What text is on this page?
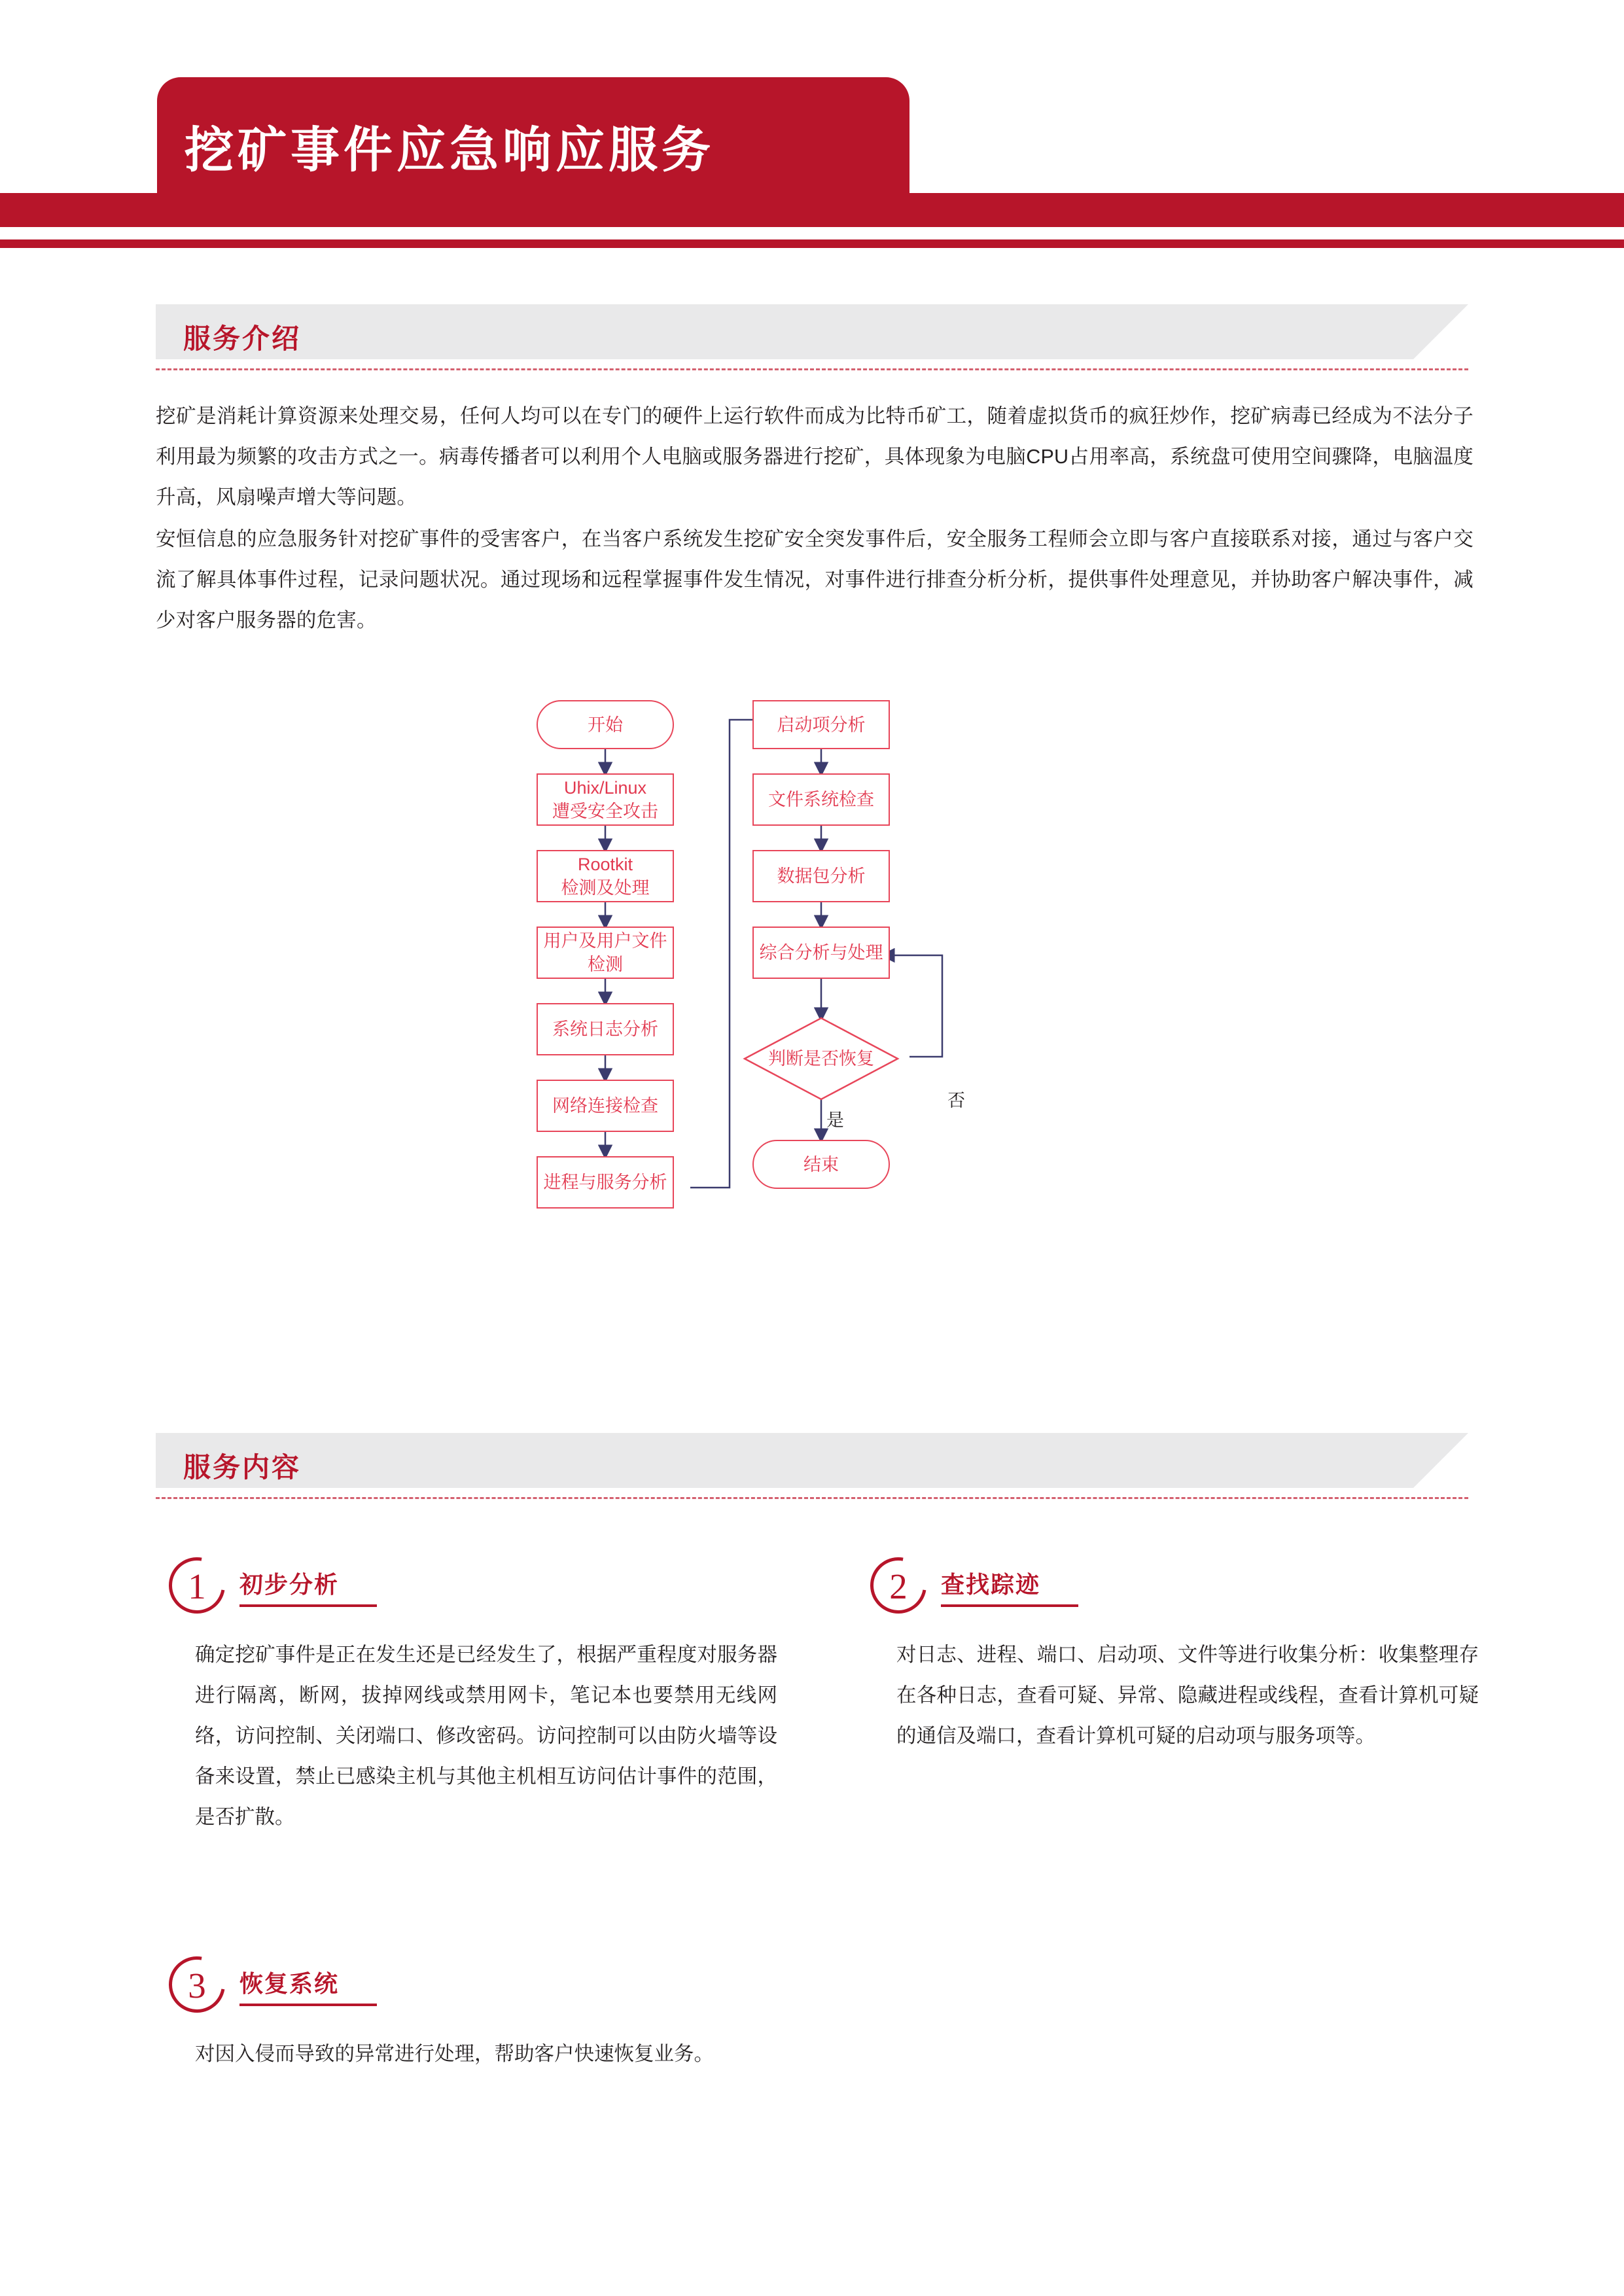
挖矿事件应急响应服务
服务介绍
挖矿是消耗计算资源来处理交易，任何人均可以在专门的硬件上运行软件而成为比特币矿工，随着虚拟货币的疯狂炒作，挖矿病毒已经成为不法分子利用最为频繁的攻击方式之一。病毒传播者可以利用个人电脑或服务器进行挖矿，具体现象为电脑CPU占用率高，系统盘可使用空间骤降，电脑温度升高，风扇噪声增大等问题。
安恒信息的应急服务针对挖矿事件的受害客户，在当客户系统发生挖矿安全突发事件后，安全服务工程师会立即与客户直接联系对接，通过与客户交流了解具体事件过程，记录问题状况。通过现场和远程掌握事件发生情况，对事件进行排查分析分析，提供事件处理意见，并协助客户解决事件，减少对客户服务器的危害。
开始
Uhix/Linux
遭受安全攻击
Rootkit
检测及处理
用户及用户文件
检测
系统日志分析
网络连接检查
进程与服务分析
启动项分析
文件系统检查
数据包分析
综合分析与处理
判断是否恢复
结束
否
是
服务内容
1	初步分析
确定挖矿事件是正在发生还是已经发生了，根据严重程度对服务器进行隔离，断网，拔掉网线或禁用网卡，笔记本也要禁用无线网络，访问控制、关闭端口、修改密码。访问控制可以由防火墙等设备来设置，禁止已感染主机与其他主机相互访问估计事件的范围，是否扩散。
2	查找踪迹
对日志、进程、端口、启动项、文件等进行收集分析：收集整理存在各种日志，查看可疑、异常、隐藏进程或线程，查看计算机可疑的通信及端口，查看计算机可疑的启动项与服务项等。
3	恢复系统
对因入侵而导致的异常进行处理，帮助客户快速恢复业务。
